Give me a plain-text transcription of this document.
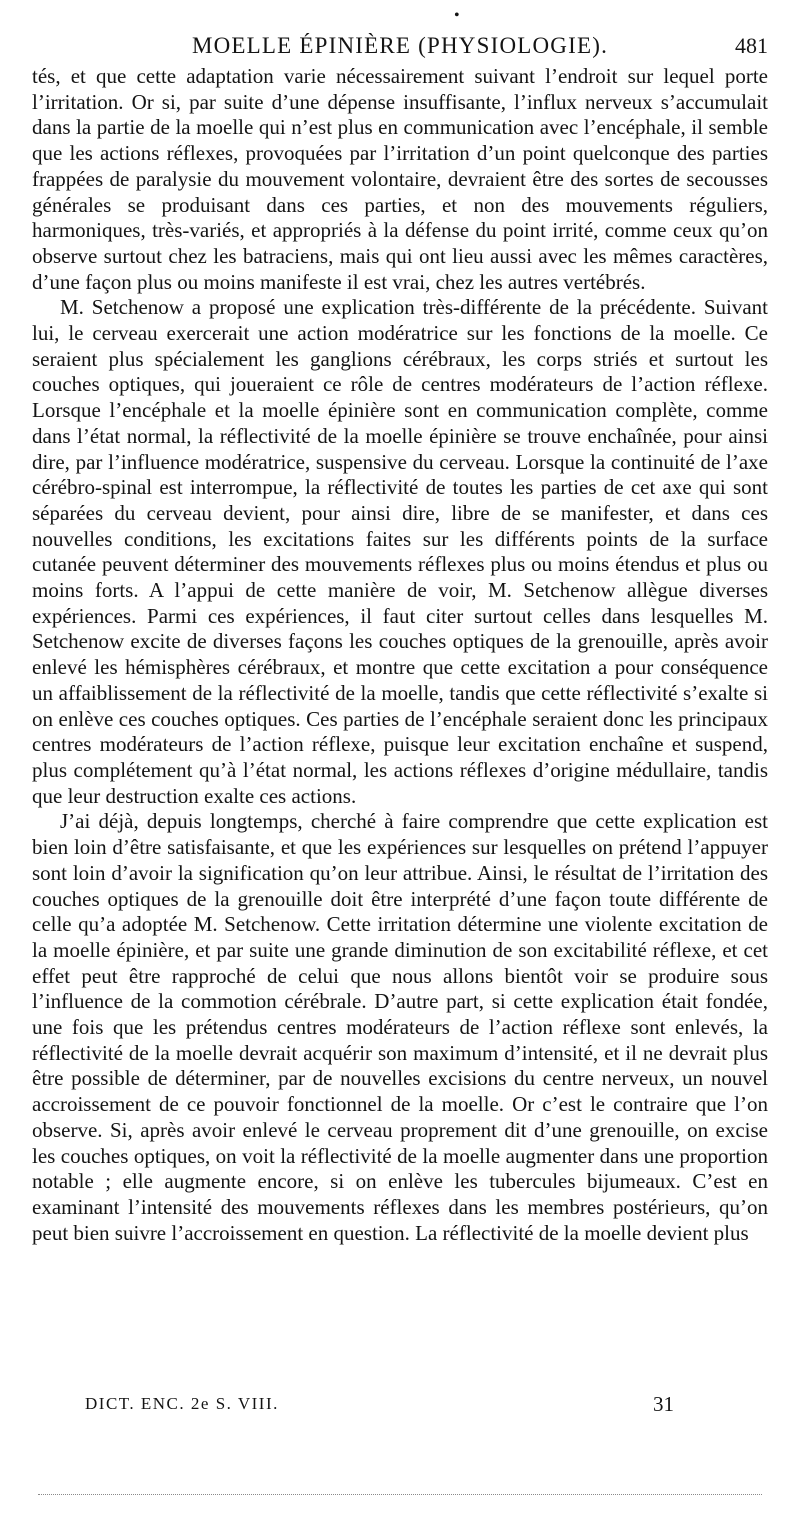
•
MOELLE ÉPINIÈRE (PHYSIOLOGIE).	481

tés, et que cette adaptation varie nécessairement suivant l’endroit sur lequel porte l’irritation. Or si, par suite d’une dépense insuffisante, l’influx nerveux s’accumulait dans la partie de la moelle qui n’est plus en communication avec l’encéphale, il semble que les actions réflexes, provoquées par l’irritation d’un point quelconque des parties frappées de paralysie du mouvement volontaire, devraient être des sortes de secousses générales se produisant dans ces parties, et non des mouvements réguliers, harmoniques, très-variés, et appropriés à la défense du point irrité, comme ceux qu’on observe surtout chez les batraciens, mais qui ont lieu aussi avec les mêmes caractères, d’une façon plus ou moins manifeste il est vrai, chez les autres vertébrés.

M. Setchenow a proposé une explication très-différente de la précédente. Suivant lui, le cerveau exercerait une action modératrice sur les fonctions de la moelle. Ce seraient plus spécialement les ganglions cérébraux, les corps striés et surtout les couches optiques, qui joueraient ce rôle de centres modérateurs de l’action réflexe. Lorsque l’encéphale et la moelle épinière sont en communication complète, comme dans l’état normal, la réflectivité de la moelle épinière se trouve enchaînée, pour ainsi dire, par l’influence modératrice, suspensive du cerveau. Lorsque la continuité de l’axe cérébro-spinal est interrompue, la réflectivité de toutes les parties de cet axe qui sont séparées du cerveau devient, pour ainsi dire, libre de se manifester, et dans ces nouvelles conditions, les excitations faites sur les différents points de la surface cutanée peuvent déterminer des mouvements réflexes plus ou moins étendus et plus ou moins forts. A l’appui de cette manière de voir, M. Setchenow allègue diverses expériences. Parmi ces expériences, il faut citer surtout celles dans lesquelles M. Setchenow excite de diverses façons les couches optiques de la grenouille, après avoir enlevé les hémisphères cérébraux, et montre que cette excitation a pour conséquence un affaiblissement de la réflectivité de la moelle, tandis que cette réflectivité s’exalte si on enlève ces couches optiques. Ces parties de l’encéphale seraient donc les principaux centres modérateurs de l’action réflexe, puisque leur excitation enchaîne et suspend, plus complétement qu’à l’état normal, les actions réflexes d’origine médullaire, tandis que leur destruction exalte ces actions.

J’ai déjà, depuis longtemps, cherché à faire comprendre que cette explication est bien loin d’être satisfaisante, et que les expériences sur lesquelles on prétend l’appuyer sont loin d’avoir la signification qu’on leur attribue. Ainsi, le résultat de l’irritation des couches optiques de la grenouille doit être interprété d’une façon toute différente de celle qu’a adoptée M. Setchenow. Cette irritation détermine une violente excitation de la moelle épinière, et par suite une grande diminution de son excitabilité réflexe, et cet effet peut être rapproché de celui que nous allons bientôt voir se produire sous l’influence de la commotion cérébrale. D’autre part, si cette explication était fondée, une fois que les prétendus centres modérateurs de l’action réflexe sont enlevés, la réflectivité de la moelle devrait acquérir son maximum d’intensité, et il ne devrait plus être possible de déterminer, par de nouvelles excisions du centre nerveux, un nouvel accroissement de ce pouvoir fonctionnel de la moelle. Or c’est le contraire que l’on observe. Si, après avoir enlevé le cerveau proprement dit d’une grenouille, on excise les couches optiques, on voit la réflectivité de la moelle augmenter dans une proportion notable ; elle augmente encore, si on enlève les tubercules bijumeaux. C’est en examinant l’intensité des mouvements réflexes dans les membres postérieurs, qu’on peut bien suivre l’accroissement en question. La réflectivité de la moelle devient plus

DICT. ENC. 2e S. VIII.	31
